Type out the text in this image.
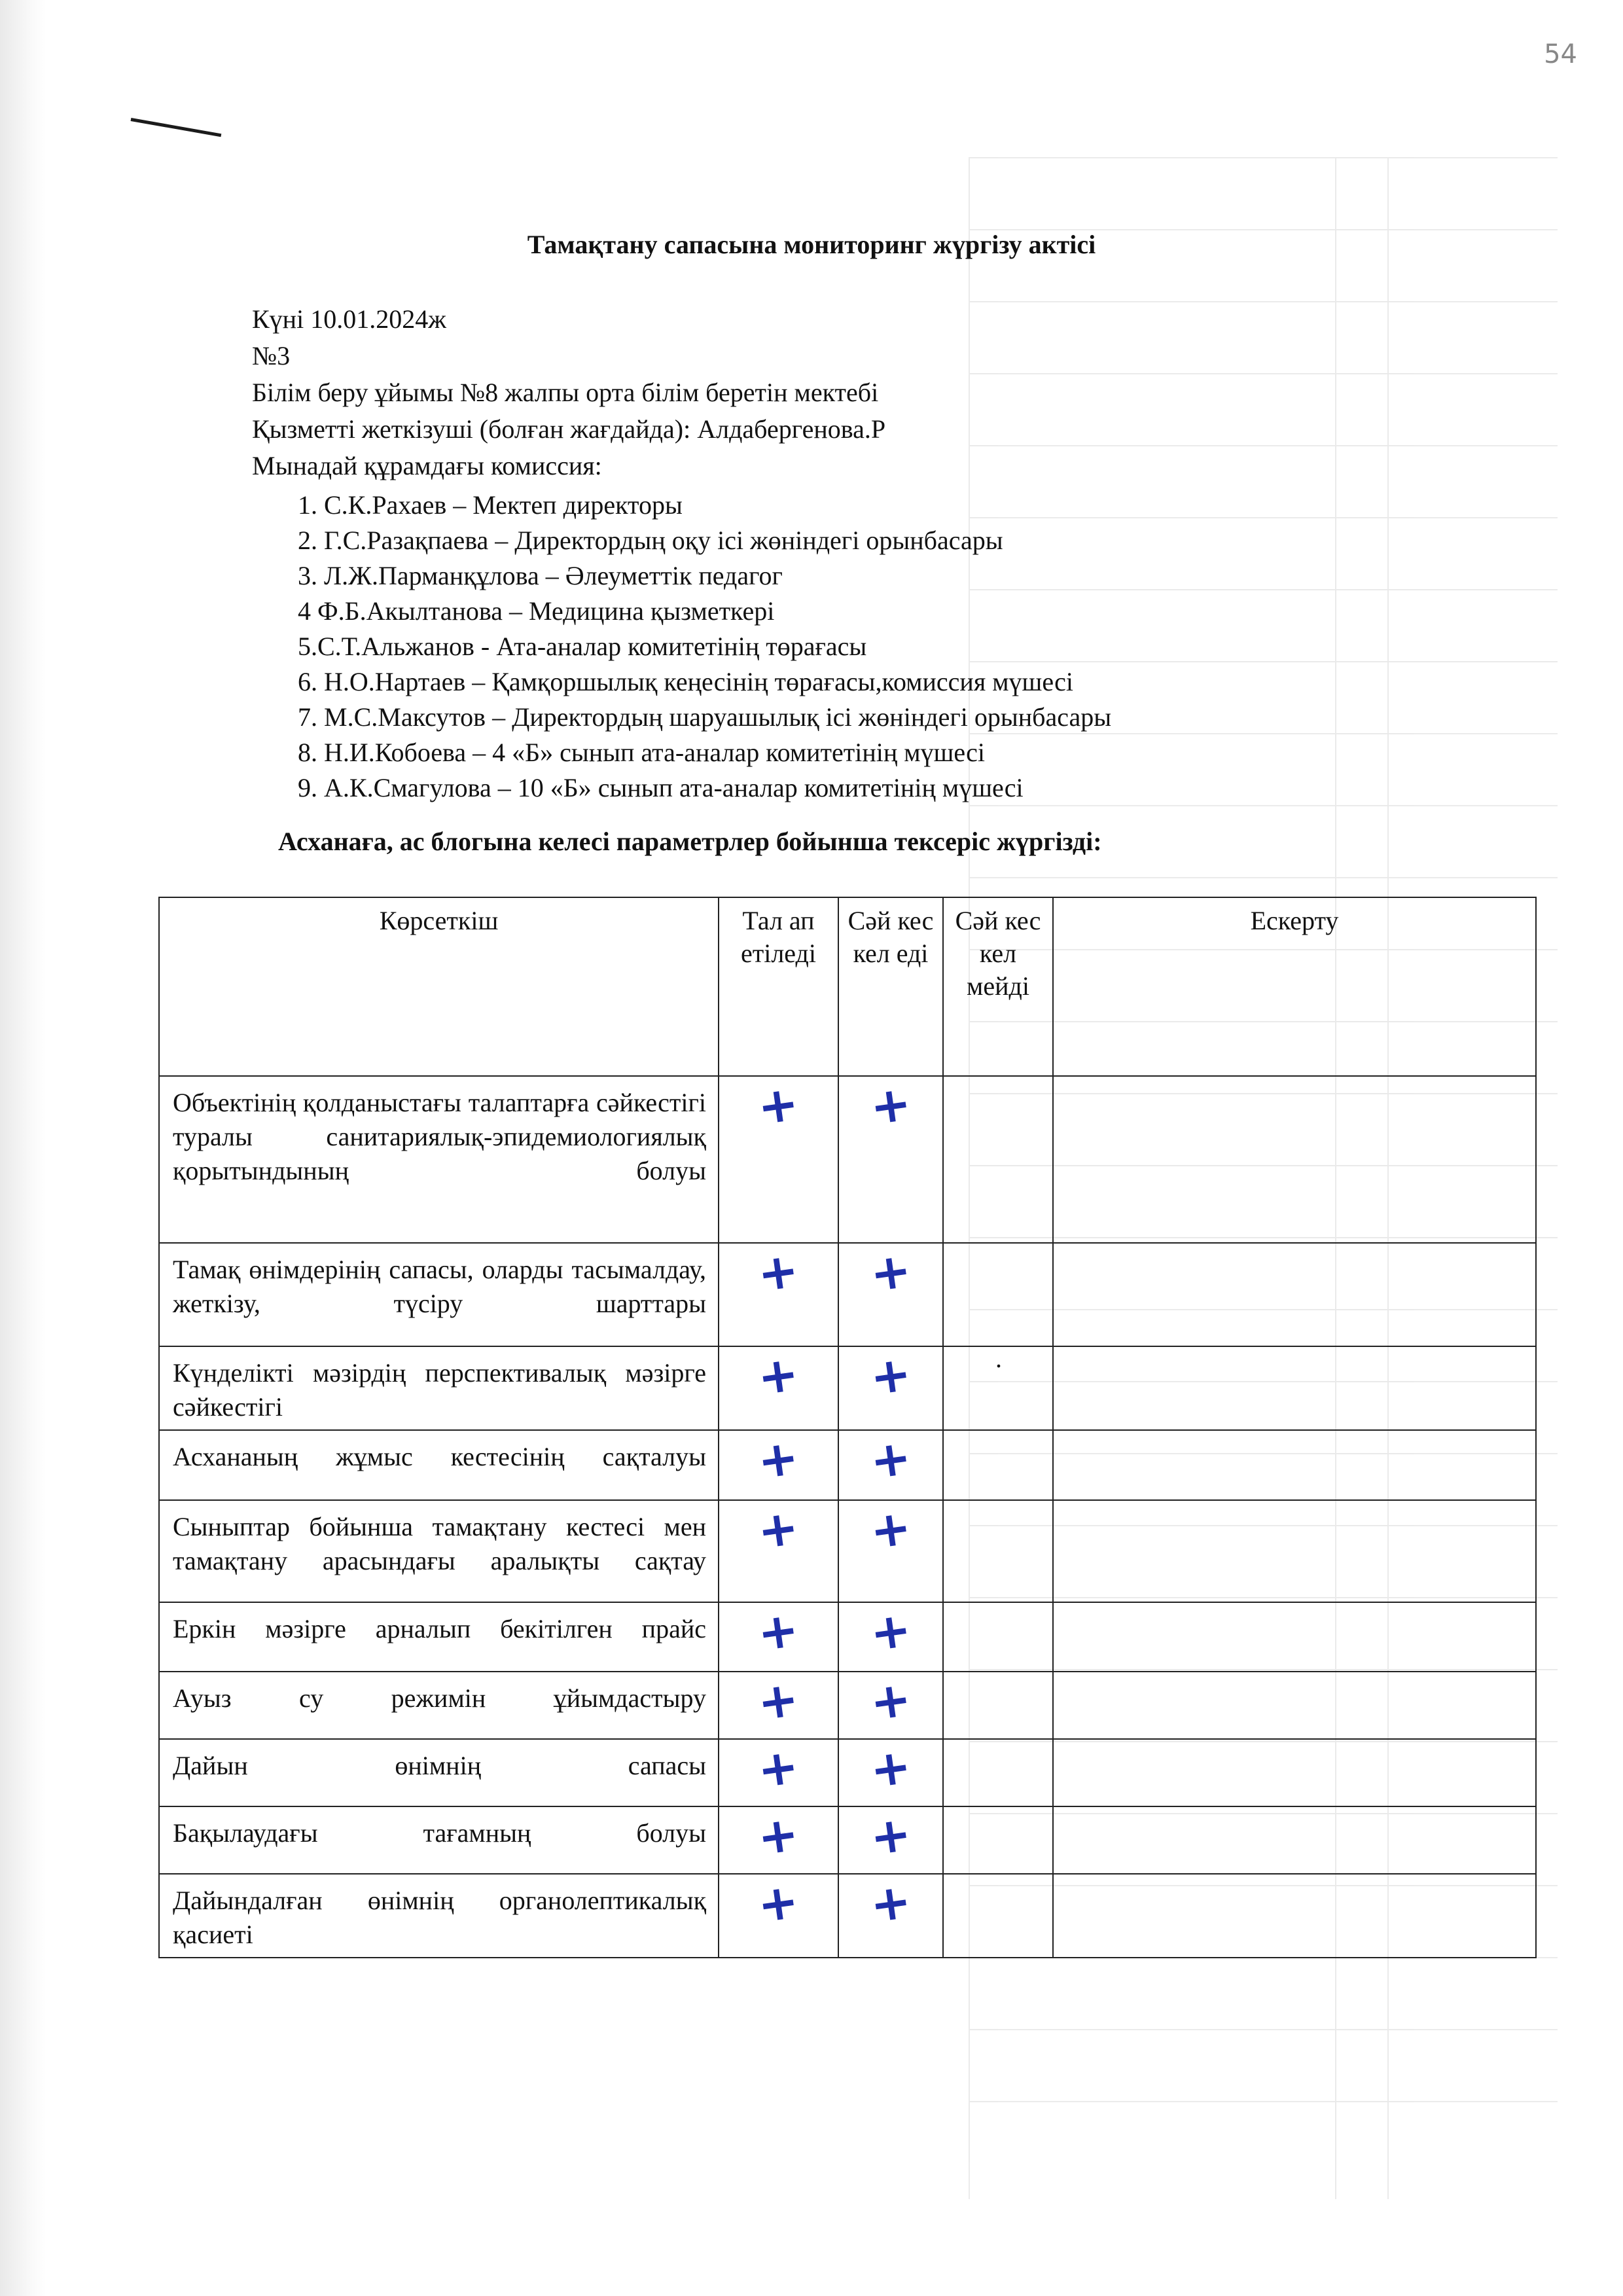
54
Тамақтану сапасына мониторинг жүргізу актісі
Күні 10.01.2024ж
№3
Білім беру ұйымы №8 жалпы орта білім беретін мектебі
Қызметті жеткізуші (болған жағдайда): Алдабергенова.Р
Мынадай құрамдағы комиссия:
1. С.К.Рахаев – Мектеп директоры
2. Г.С.Разақпаева – Директордың оқу ісі жөніндегі орынбасары
3. Л.Ж.Парманқұлова – Әлеуметтік педагог
4 Ф.Б.Акылтанова – Медицина қызметкері
5.С.Т.Альжанов - Ата-аналар комитетінің төрағасы
6. Н.О.Нартаев – Қамқоршылық кеңесінің төрағасы,комиссия мүшесі
7. М.С.Максутов – Директордың шаруашылық ісі жөніндегі орынбасары
8. Н.И.Кобоева – 4 «Б» сынып ата-аналар комитетінің мүшесі
9. А.К.Смагулова – 10 «Б» сынып ата-аналар комитетінің мүшесі
Асханаға, ас блогына келесі параметрлер бойынша тексеріс жүргізді:
Көрсеткіш	Тал ап етіледі	Сәй кес кел еді	Сәй кес кел мейді	Ескерту
Объектінің қолданыстағы талаптарға сәйкестігі туралы санитариялық-эпидемиологиялық қорытындының болуы	+	+		
Тамақ өнімдерінің сапасы, оларды тасымалдау, жеткізу, түсіру шарттары	+	+		
Күнделікті мәзірдің перспективалық мәзірге сәйкестігі	+	+		
Асхананың жұмыс кестесінің сақталуы	+	+		
Сыныптар бойынша тамақтану кестесі мен тамақтану арасындағы аралықты сақтау	+	+		
Еркін мәзірге арналып бекітілген прайс	+	+		
Ауыз су режимін ұйымдастыру	+	+		
Дайын өнімнің сапасы	+	+		
Бақылаудағы тағамның болуы	+	+		
Дайындалған өнімнің органолептикалық қасиеті	+	+		
.
